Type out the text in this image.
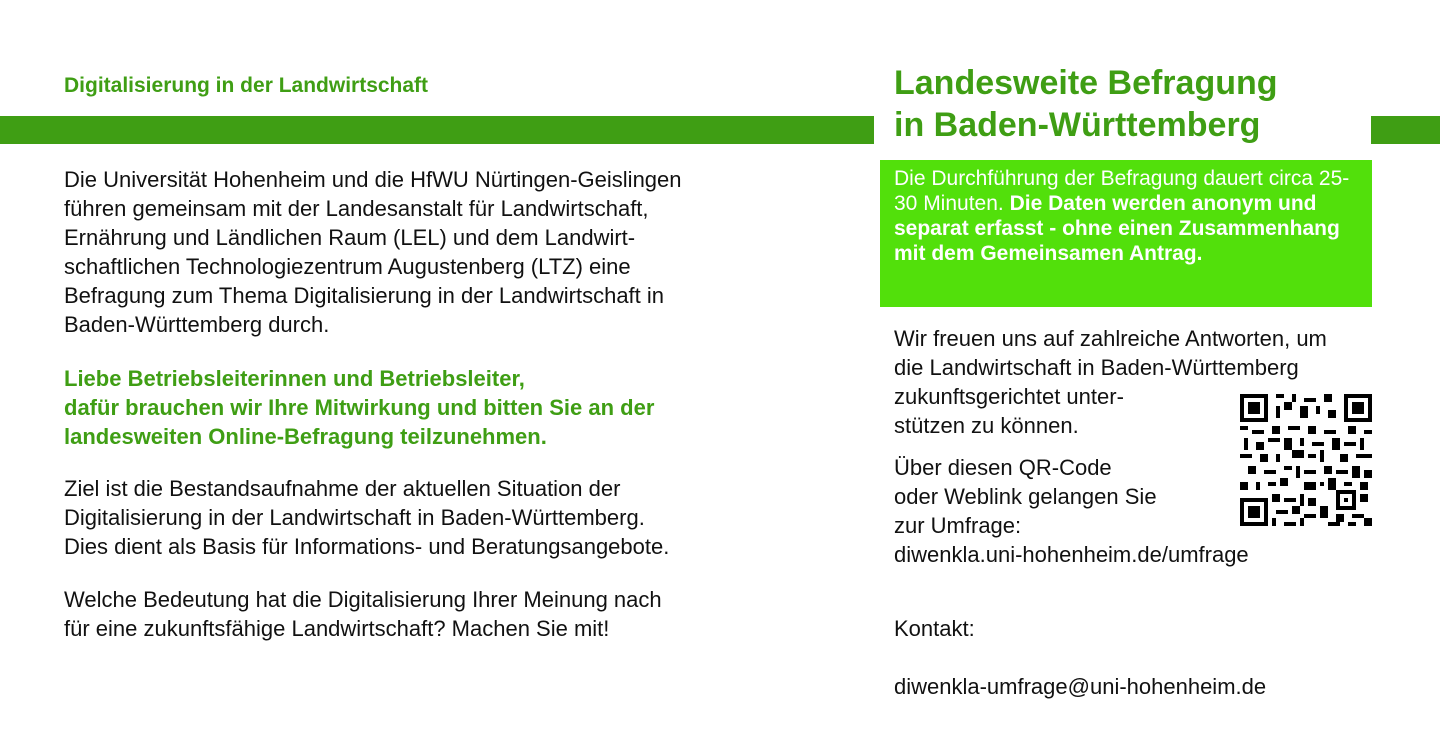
Digitalisierung in der Landwirtschaft	Landesweite Befragung
in Baden-Württemberg
Die Universität Hohenheim und die HfWU Nürtingen-Geislingen
führen gemeinsam mit der Landesanstalt für Landwirtschaft,
Ernährung und Ländlichen Raum (LEL) und dem Landwirt-
schaftlichen Technologiezentrum Augustenberg (LTZ) eine
Befragung zum Thema Digitalisierung in der Landwirtschaft in
Baden-Württemberg durch.
Liebe Betriebsleiterinnen und Betriebsleiter,
dafür brauchen wir Ihre Mitwirkung und bitten Sie an der
landesweiten Online-Befragung teilzunehmen.
Ziel ist die Bestandsaufnahme der aktuellen Situation der
Digitalisierung in der Landwirtschaft in Baden-Württemberg.
Dies dient als Basis für Informations- und Beratungsangebote.
Welche Bedeutung hat die Digitalisierung Ihrer Meinung nach
für eine zukunftsfähige Landwirtschaft? Machen Sie mit!
Die Durchführung der Befragung dauert circa 25-30 Minuten. Die Daten werden anonym und separat erfasst - ohne einen Zusammenhang mit dem Gemeinsamen Antrag.
Wir freuen uns auf zahlreiche Antworten, um
die Landwirtschaft in Baden-Württemberg
zukunftsgerichtet unter-
stützen zu können.
Über diesen QR-Code
oder Weblink gelangen Sie
zur Umfrage:
diwenkla.uni-hohenheim.de/umfrage

Kontakt:

diwenkla-umfrage@uni-hohenheim.de
